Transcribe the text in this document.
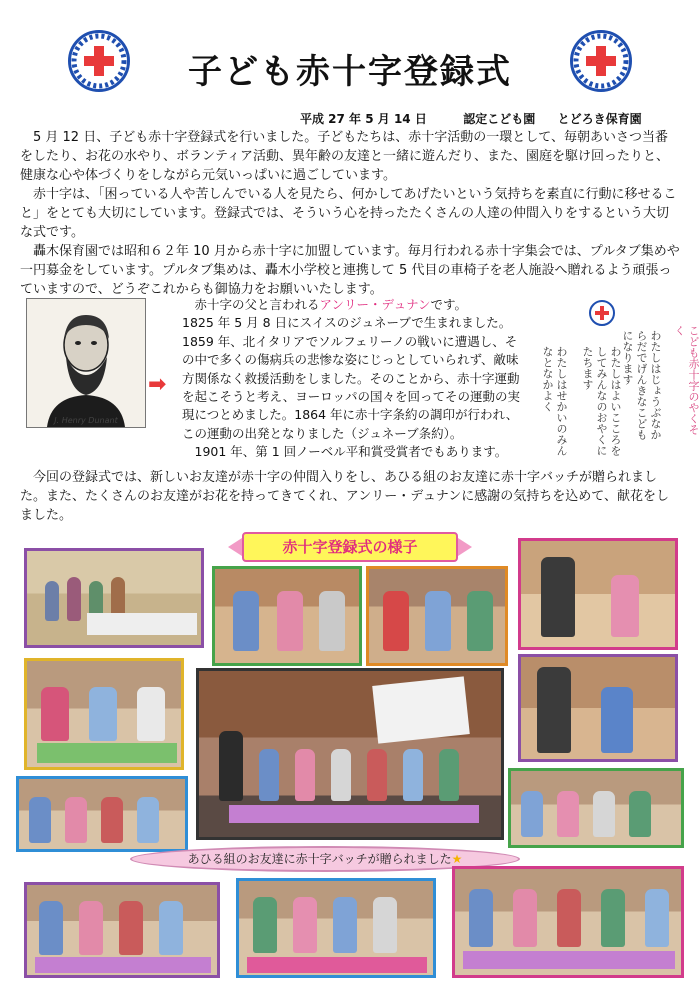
子ども赤十字登録式
平成 27 年 5 月 14 日	認定こども園 とどろき保育園

5 月 12 日、子ども赤十字登録式を行いました。子どもたちは、赤十字活動の一環として、毎朝あいさつ当番をしたり、お花の水やり、ボランティア活動、異年齢の友達と一緒に遊んだり、また、園庭を駆け回ったりと、健康な心や体づくりをしながら元気いっぱいに過ごしています。

赤十字は、「困っている人や苦しんでいる人を見たら、何かしてあげたいという気持ちを素直に行動に移せること」をとても大切にしています。登録式では、そういう心を持ったたくさんの人達の仲間入りをするという大切な式です。

轟木保育園では昭和６２年 10 月から赤十字に加盟しています。毎月行われる赤十字集会では、プルタブ集めや一円募金をしています。プルタブ集めは、轟木小学校と連携して 5 代目の車椅子を老人施設へ贈れるよう頑張っていますので、どうぞこれからも御協力をお願いいたします。

J. Henry Dunant
➡

　赤十字の父と言われるアンリー・デュナンです。

1825 年 5 月 8 日にスイスのジュネーブで生まれました。1859 年、北イタリアでソルフェリーノの戦いに遭遇し、その中で多くの傷病兵の悲惨な姿にじっとしていられず、敵味方関係なく救援活動をしました。そのことから、赤十字運動を起こそうと考え、ヨーロッパの国々を回ってその運動の実現につとめました。1864 年に赤十字条約の調印が行われ、この運動の出発となりました（ジュネーブ条約）。

1901 年、第 1 回ノーベル平和賞受賞者でもあります。

こども赤十字のやくそく
わたしはじょうぶなからだでげんきなこどもになります
わたしはよいこころをしてみんなのおやくにたちます
わたしはせかいのみんなとなかよく

今回の登録式では、新しいお友達が赤十字の仲間入りをし、あひる組のお友達に赤十字バッチが贈られました。また、たくさんのお友達がお花を持ってきてくれ、アンリー・デュナンに感謝の気持ちを込めて、献花をしました。

赤十字登録式の様子
あひる組のお友達に赤十字バッチが贈られました★
